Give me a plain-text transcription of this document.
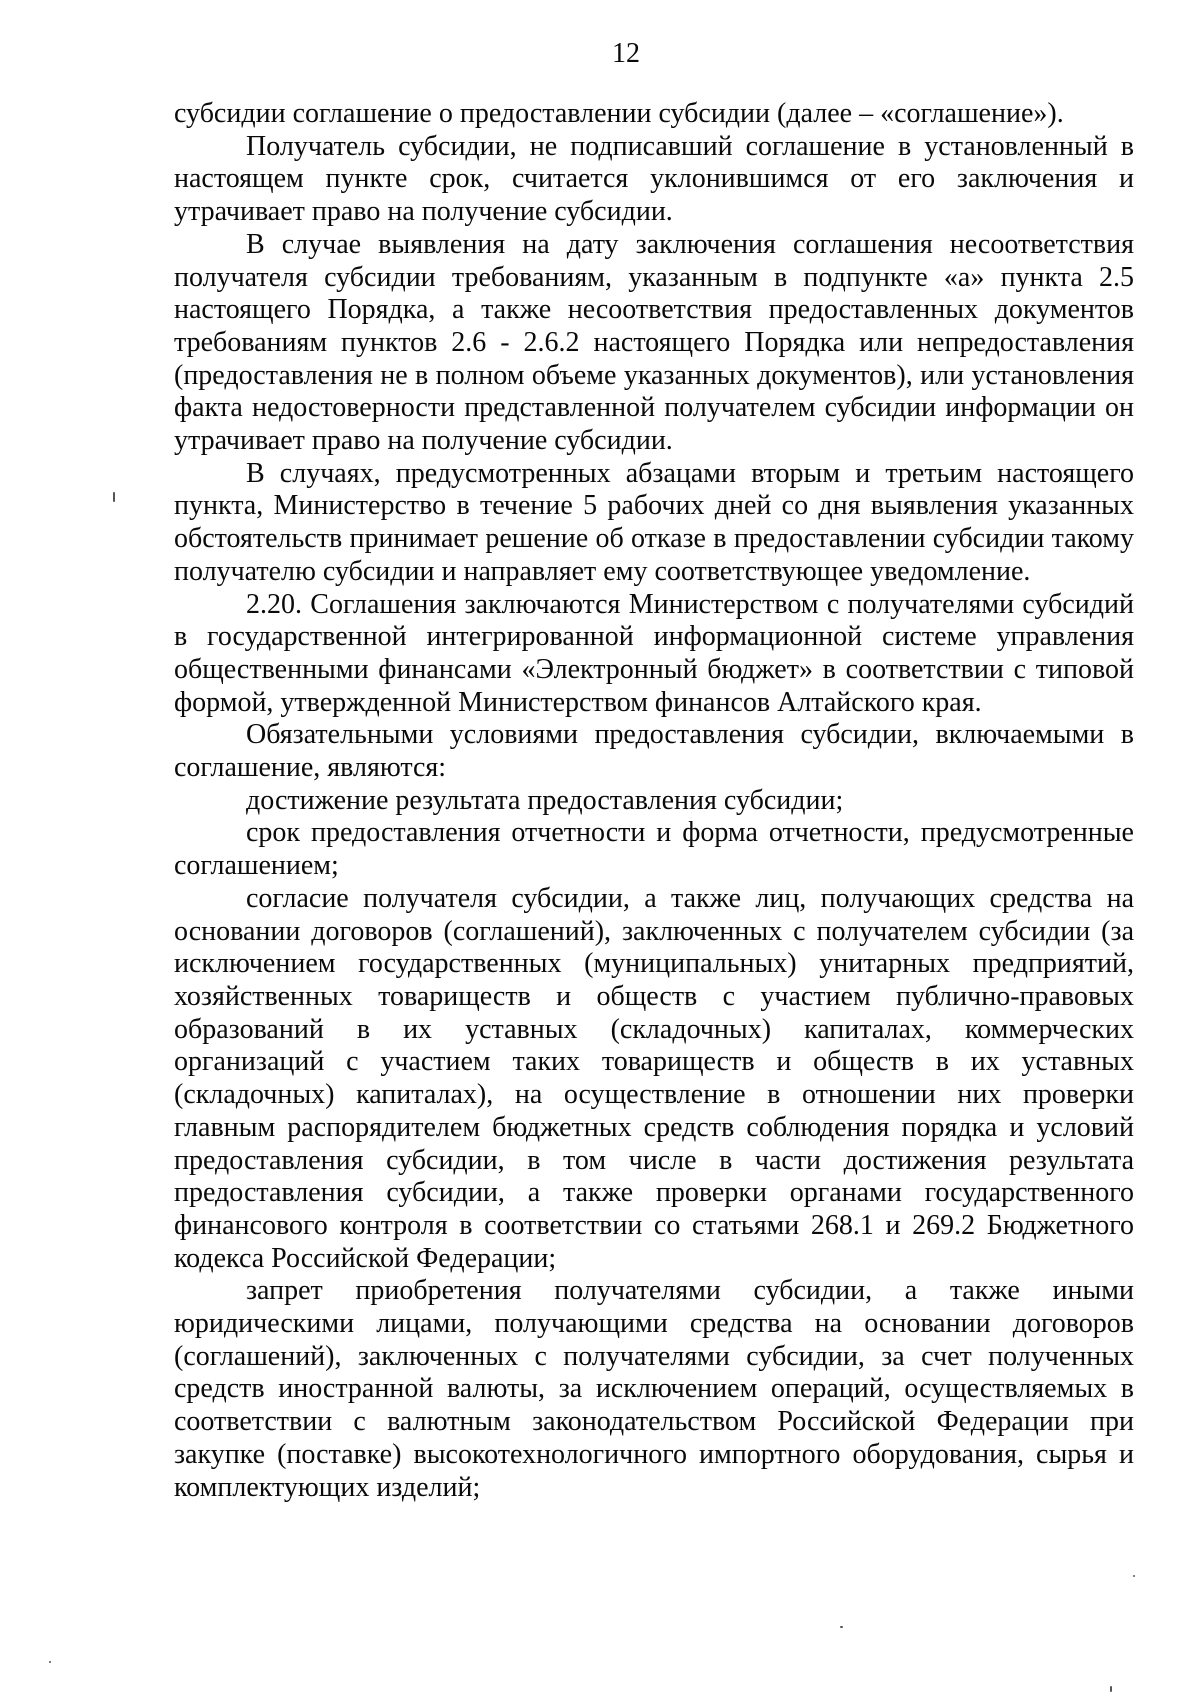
12

субсидии соглашение о предоставлении субсидии (далее – «соглашение»).

Получатель субсидии, не подписавший соглашение в установленный в настоящем пункте срок, считается уклонившимся от его заключения и утрачивает право на получение субсидии.

В случае выявления на дату заключения соглашения несоответствия получателя субсидии требованиям, указанным в подпункте «а» пункта 2.5 настоящего Порядка, а также несоответствия предоставленных документов требованиям пунктов 2.6 - 2.6.2 настоящего Порядка или непредоставления (предоставления не в полном объеме указанных документов), или установления факта недостоверности представленной получателем субсидии информации он утрачивает право на получение субсидии.

В случаях, предусмотренных абзацами вторым и третьим настоящего пункта, Министерство в течение 5 рабочих дней со дня выявления указанных обстоятельств принимает решение об отказе в предоставлении субсидии такому получателю субсидии и направляет ему соответствующее уведомление.

2.20. Соглашения заключаются Министерством с получателями субсидий в государственной интегрированной информационной системе управления общественными финансами «Электронный бюджет» в соответствии с типовой формой, утвержденной Министерством финансов Алтайского края.

Обязательными условиями предоставления субсидии, включаемыми в соглашение, являются:

достижение результата предоставления субсидии;

срок предоставления отчетности и форма отчетности, предусмотренные соглашением;

согласие получателя субсидии, а также лиц, получающих средства на основании договоров (соглашений), заключенных с получателем субсидии (за исключением государственных (муниципальных) унитарных предприятий, хозяйственных товариществ и обществ с участием публично-правовых образований в их уставных (складочных) капиталах, коммерческих организаций с участием таких товариществ и обществ в их уставных (складочных) капиталах), на осуществление в отношении них проверки главным распорядителем бюджетных средств соблюдения порядка и условий предоставления субсидии, в том числе в части достижения результата предоставления субсидии, а также проверки органами государственного финансового контроля в соответствии со статьями 268.1 и 269.2 Бюджетного кодекса Российской Федерации;

запрет приобретения получателями субсидии, а также иными юридическими лицами, получающими средства на основании договоров (соглашений), заключенных с получателями субсидии, за счет полученных средств иностранной валюты, за исключением операций, осуществляемых в соответствии с валютным законодательством Российской Федерации при закупке (поставке) высокотехнологичного импортного оборудования, сырья и комплектующих изделий;
